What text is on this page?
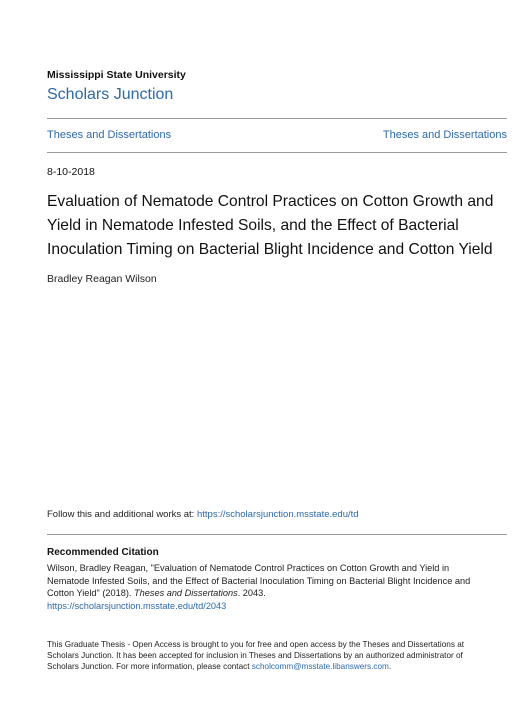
Mississippi State University
Scholars Junction
Theses and Dissertations	Theses and Dissertations
8-10-2018
Evaluation of Nematode Control Practices on Cotton Growth and
Yield in Nematode Infested Soils, and the Effect of Bacterial
Inoculation Timing on Bacterial Blight Incidence and Cotton Yield
Bradley Reagan Wilson
Follow this and additional works at: https://scholarsjunction.msstate.edu/td
Recommended Citation
Wilson, Bradley Reagan, "Evaluation of Nematode Control Practices on Cotton Growth and Yield in
Nematode Infested Soils, and the Effect of Bacterial Inoculation Timing on Bacterial Blight Incidence and
Cotton Yield" (2018). Theses and Dissertations. 2043.
https://scholarsjunction.msstate.edu/td/2043
This Graduate Thesis - Open Access is brought to you for free and open access by the Theses and Dissertations at
Scholars Junction. It has been accepted for inclusion in Theses and Dissertations by an authorized administrator of
Scholars Junction. For more information, please contact scholcomm@msstate.libanswers.com.
